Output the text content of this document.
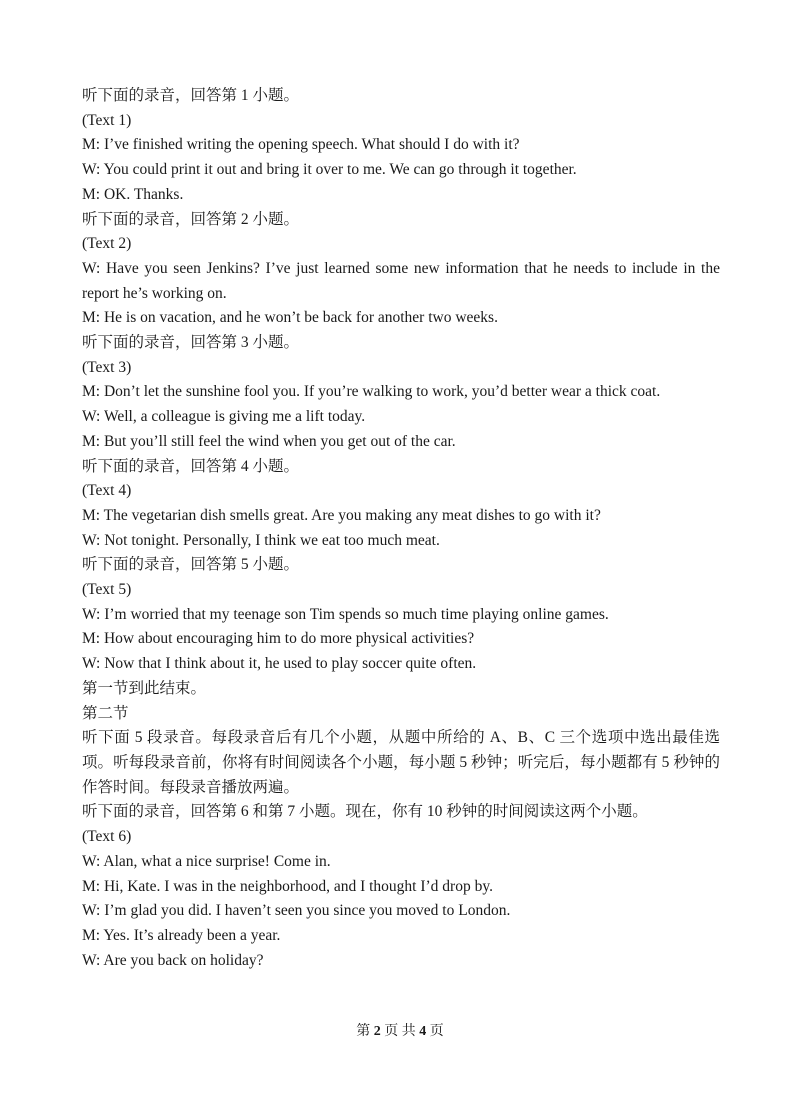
听下面的录音，回答第 1 小题。

(Text 1)

M: I’ve finished writing the opening speech. What should I do with it?

W: You could print it out and bring it over to me. We can go through it together.

M: OK. Thanks.

听下面的录音，回答第 2 小题。

(Text 2)

W: Have you seen Jenkins? I’ve just learned some new information that he needs to include in the report he’s working on.

M: He is on vacation, and he won’t be back for another two weeks.

听下面的录音，回答第 3 小题。

(Text 3)

M: Don’t let the sunshine fool you. If you’re walking to work, you’d better wear a thick coat.

W: Well, a colleague is giving me a lift today.

M: But you’ll still feel the wind when you get out of the car.

听下面的录音，回答第 4 小题。

(Text 4)

M: The vegetarian dish smells great. Are you making any meat dishes to go with it?

W: Not tonight. Personally, I think we eat too much meat.

听下面的录音，回答第 5 小题。

(Text 5)

W: I’m worried that my teenage son Tim spends so much time playing online games.

M: How about encouraging him to do more physical activities?

W: Now that I think about it, he used to play soccer quite often.

第一节到此结束。

第二节

听下面 5 段录音。每段录音后有几个小题，从题中所给的 A、B、C 三个选项中选出最佳选项。听每段录音前，你将有时间阅读各个小题，每小题 5 秒钟；听完后，每小题都有 5 秒钟的作答时间。每段录音播放两遍。

听下面的录音，回答第 6 和第 7 小题。现在，你有 10 秒钟的时间阅读这两个小题。

(Text 6)

W: Alan, what a nice surprise! Come in.

M: Hi, Kate. I was in the neighborhood, and I thought I’d drop by.

W: I’m glad you did. I haven’t seen you since you moved to London.

M: Yes. It’s already been a year.

W: Are you back on holiday?

第 2 页 共 4 页
